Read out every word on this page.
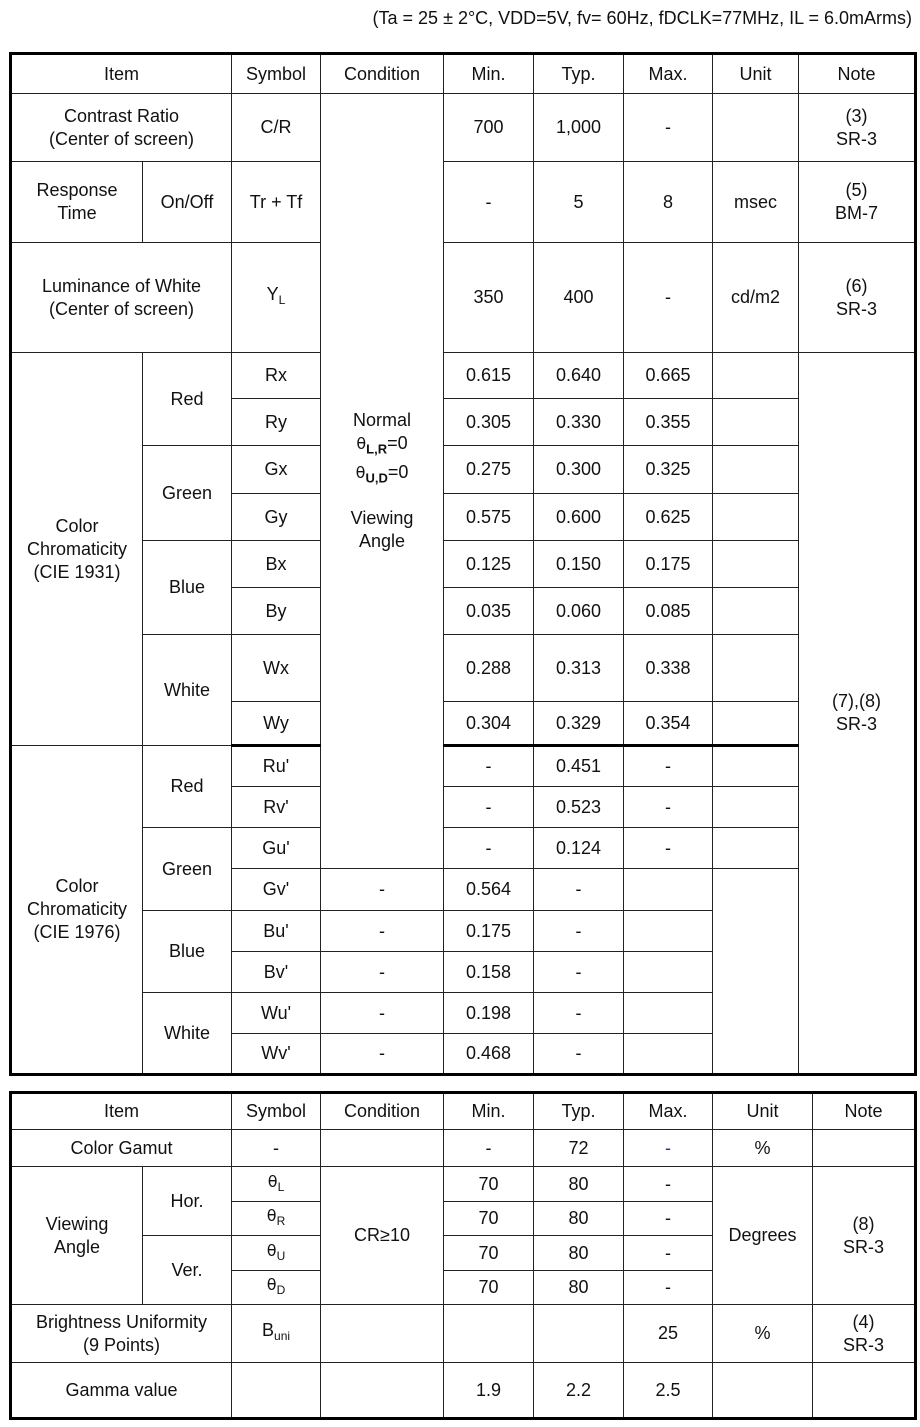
(Ta = 25 ± 2°C, VDD=5V, fv= 60Hz, fDCLK=77MHz, IL = 6.0mArms)
Item		Symbol	Condition	Min.	Typ.	Max.	Unit	Note

Contrast Ratio
(Center of screen)		C/R	Normal
$\theta_{L,R}=0$
$\theta_{U,D}=0$
Viewing
Angle	700	1,000	-		(3)
SR-3

Response
Time	On/Off	Tr + Tf		-	5	8	msec	(5)
BM-7

Luminance of White
(Center of screen)		$Y_L$		350	400	-	cd/m2	(6)
SR-3

Color
Chromaticity
(CIE 1931)	Red	Rx		0.615	0.640	0.665		(7),(8)
SR-3

		Ry		0.305	0.330	0.355		
	Green	Gx		0.275	0.300	0.325		
		Gy		0.575	0.600	0.625		
	Blue	Bx		0.125	0.150	0.175		
		By		0.035	0.060	0.085		
	White	Wx		0.288	0.313	0.338		
		Wy		0.304	0.329	0.354		

Color
Chromaticity
(CIE 1976)	Red	Ru'		-	0.451	-		
		Rv'		-	0.523	-		
	Green	Gu'		-	0.124	-		
		Gv'	-	0.564	-			
	Blue	Bu'	-	0.175	-			
		Bv'	-	0.158	-			
	White	Wu'	-	0.198	-			
		Wv'	-	0.468	-			
Item		Symbol	Condition	Min.	Typ.	Max.	Unit	Note
Color Gamut		-		-	72	-	%	

Viewing
Angle	Hor.	$\theta_L$	CR≥10	70	80	-	Degrees	(8)
SR-3

		$\theta_R$		70	80	-		
	Ver.	$\theta_U$		70	80	-		
		$\theta_D$		70	80	-		

Brightness Uniformity
(9 Points)		$B_{uni}$				25	%	(4)
SR-3

Gamma value				1.9	2.2	2.5		
